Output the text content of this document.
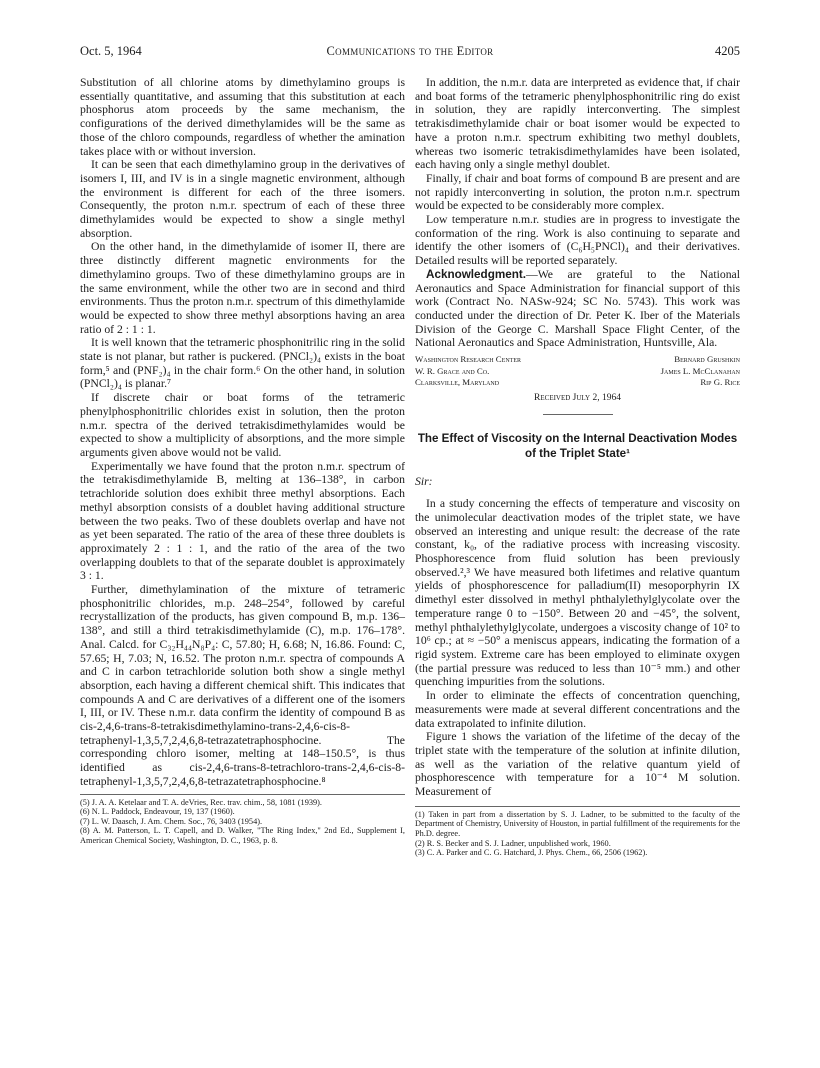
Oct. 5, 1964	Communications to the Editor	4205

Substitution of all chlorine atoms by dimethylamino groups is essentially quantitative, and assuming that this substitution at each phosphorus atom proceeds by the same mechanism, the configurations of the derived dimethylamides will be the same as those of the chloro compounds, regardless of whether the amination takes place with or without inversion.

It can be seen that each dimethylamino group in the derivatives of isomers I, III, and IV is in a single magnetic environment, although the environment is different for each of the three isomers. Consequently, the proton n.m.r. spectrum of each of these three dimethylamides would be expected to show a single methyl absorption.

On the other hand, in the dimethylamide of isomer II, there are three distinctly different magnetic environments for the dimethylamino groups. Two of these dimethylamino groups are in the same environment, while the other two are in second and third environments. Thus the proton n.m.r. spectrum of this dimethylamide would be expected to show three methyl absorptions having an area ratio of 2 : 1 : 1.

It is well known that the tetrameric phosphonitrilic ring in the solid state is not planar, but rather is puckered. (PNCl₂)₄ exists in the boat form,⁵ and (PNF₂)₄ in the chair form.⁶ On the other hand, in solution (PNCl₂)₄ is planar.⁷

If discrete chair or boat forms of the tetrameric phenylphosphonitrilic chlorides exist in solution, then the proton n.m.r. spectra of the derived tetrakisdimethylamides would be expected to show a multiplicity of absorptions, and the more simple arguments given above would not be valid.

Experimentally we have found that the proton n.m.r. spectrum of the tetrakisdimethylamide B, melting at 136–138°, in carbon tetrachloride solution does exhibit three methyl absorptions. Each methyl absorption consists of a doublet having additional structure between the two peaks. Two of these doublets overlap and have not as yet been separated. The ratio of the area of these three doublets is approximately 2 : 1 : 1, and the ratio of the area of the two overlapping doublets to that of the separate doublet is approximately 3 : 1.

Further, dimethylamination of the mixture of tetrameric phosphonitrilic chlorides, m.p. 248–254°, followed by careful recrystallization of the products, has given compound B, m.p. 136–138°, and still a third tetrakisdimethylamide (C), m.p. 176–178°. Anal. Calcd. for C₃₂H₄₄N₈P₄: C, 57.80; H, 6.68; N, 16.86. Found: C, 57.65; H, 7.03; N, 16.52. The proton n.m.r. spectra of compounds A and C in carbon tetrachloride solution both show a single methyl absorption, each having a different chemical shift. This indicates that compounds A and C are derivatives of a different one of the isomers I, III, or IV. These n.m.r. data confirm the identity of compound B as cis-2,4,6-trans-8-tetrakisdimethylamino-trans-2,4,6-cis-8-tetraphenyl-1,3,5,7,2,4,6,8-tetrazatetraphosphocine. The corresponding chloro isomer, melting at 148–150.5°, is thus identified as cis-2,4,6-trans-8-tetrachloro-trans-2,4,6-cis-8-tetraphenyl-1,3,5,7,2,4,6,8-tetrazatetraphosphocine.⁸

(5) J. A. A. Ketelaar and T. A. deVries, Rec. trav. chim., 58, 1081 (1939).

(6) N. L. Paddock, Endeavour, 19, 137 (1960).

(7) L. W. Daasch, J. Am. Chem. Soc., 76, 3403 (1954).

(8) A. M. Patterson, L. T. Capell, and D. Walker, "The Ring Index," 2nd Ed., Supplement I, American Chemical Society, Washington, D. C., 1963, p. 8.

In addition, the n.m.r. data are interpreted as evidence that, if chair and boat forms of the tetrameric phenylphosphonitrilic ring do exist in solution, they are rapidly interconverting. The simplest tetrakisdimethylamide chair or boat isomer would be expected to have a proton n.m.r. spectrum exhibiting two methyl doublets, whereas two isomeric tetrakisdimethylamides have been isolated, each having only a single methyl doublet.

Finally, if chair and boat forms of compound B are present and are not rapidly interconverting in solution, the proton n.m.r. spectrum would be expected to be considerably more complex.

Low temperature n.m.r. studies are in progress to investigate the conformation of the ring. Work is also continuing to separate and identify the other isomers of (C₆H₅PNCl)₄ and their derivatives. Detailed results will be reported separately.

Acknowledgment.—We are grateful to the National Aeronautics and Space Administration for financial support of this work (Contract No. NASw-924; SC No. 5743). This work was conducted under the direction of Dr. Peter K. Iber of the Materials Division of the George C. Marshall Space Flight Center, of the National Aeronautics and Space Administration, Huntsville, Ala.

Washington Research Center	Bernard Grushkin
W. R. Grace and Co.	James L. McClanahan
Clarksville, Maryland	Rip G. Rice
Received July 2, 1964
The Effect of Viscosity on the Internal Deactivation Modes of the Triplet State¹

Sir:

In a study concerning the effects of temperature and viscosity on the unimolecular deactivation modes of the triplet state, we have observed an interesting and unique result: the decrease of the rate constant, k₀, of the radiative process with increasing viscosity. Phosphorescence from fluid solution has been previously observed.²,³ We have measured both lifetimes and relative quantum yields of phosphorescence for palladium(II) mesoporphyrin IX dimethyl ester dissolved in methyl phthalylethylglycolate over the temperature range 0 to −150°. Between 20 and −45°, the solvent, methyl phthalylethylglycolate, undergoes a viscosity change of 10² to 10⁶ cp.; at ≈ −50° a meniscus appears, indicating the formation of a rigid system. Extreme care has been employed to eliminate oxygen (the partial pressure was reduced to less than 10⁻⁵ mm.) and other quenching impurities from the solutions.

In order to eliminate the effects of concentration quenching, measurements were made at several different concentrations and the data extrapolated to infinite dilution.

Figure 1 shows the variation of the lifetime of the decay of the triplet state with the temperature of the solution at infinite dilution, as well as the variation of the relative quantum yield of phosphorescence with temperature for a 10⁻⁴ M solution. Measurement of

(1) Taken in part from a dissertation by S. J. Ladner, to be submitted to the faculty of the Department of Chemistry, University of Houston, in partial fulfillment of the requirements for the Ph.D. degree.

(2) R. S. Becker and S. J. Ladner, unpublished work, 1960.

(3) C. A. Parker and C. G. Hatchard, J. Phys. Chem., 66, 2506 (1962).
